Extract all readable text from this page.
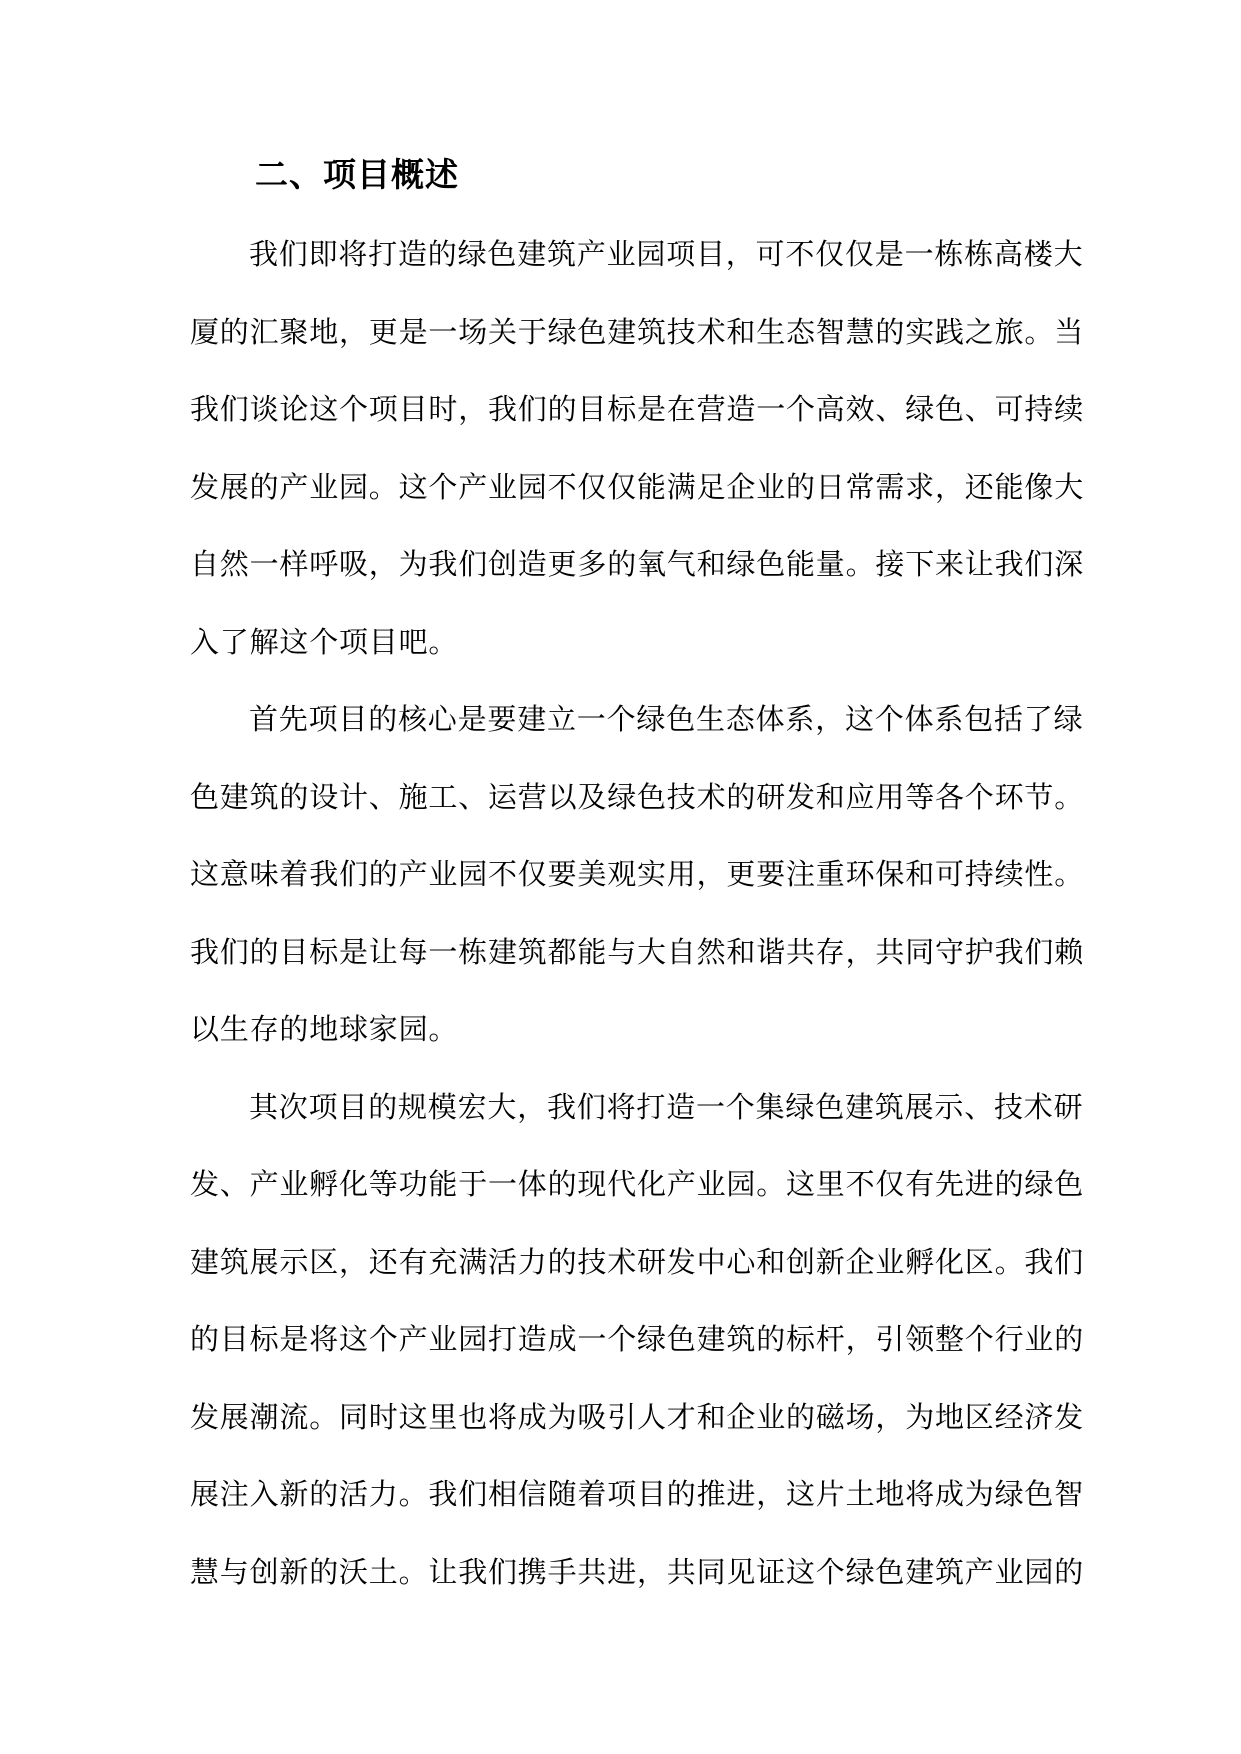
二、项目概述
我们即将打造的绿色建筑产业园项目，可不仅仅是一栋栋高楼大
厦的汇聚地，更是一场关于绿色建筑技术和生态智慧的实践之旅。当
我们谈论这个项目时，我们的目标是在营造一个高效、绿色、可持续
发展的产业园。这个产业园不仅仅能满足企业的日常需求，还能像大
自然一样呼吸，为我们创造更多的氧气和绿色能量。接下来让我们深
入了解这个项目吧。
首先项目的核心是要建立一个绿色生态体系，这个体系包括了绿
色建筑的设计、施工、运营以及绿色技术的研发和应用等各个环节。
这意味着我们的产业园不仅要美观实用，更要注重环保和可持续性。
我们的目标是让每一栋建筑都能与大自然和谐共存，共同守护我们赖
以生存的地球家园。
其次项目的规模宏大，我们将打造一个集绿色建筑展示、技术研
发、产业孵化等功能于一体的现代化产业园。这里不仅有先进的绿色
建筑展示区，还有充满活力的技术研发中心和创新企业孵化区。我们
的目标是将这个产业园打造成一个绿色建筑的标杆，引领整个行业的
发展潮流。同时这里也将成为吸引人才和企业的磁场，为地区经济发
展注入新的活力。我们相信随着项目的推进，这片土地将成为绿色智
慧与创新的沃土。让我们携手共进，共同见证这个绿色建筑产业园的
